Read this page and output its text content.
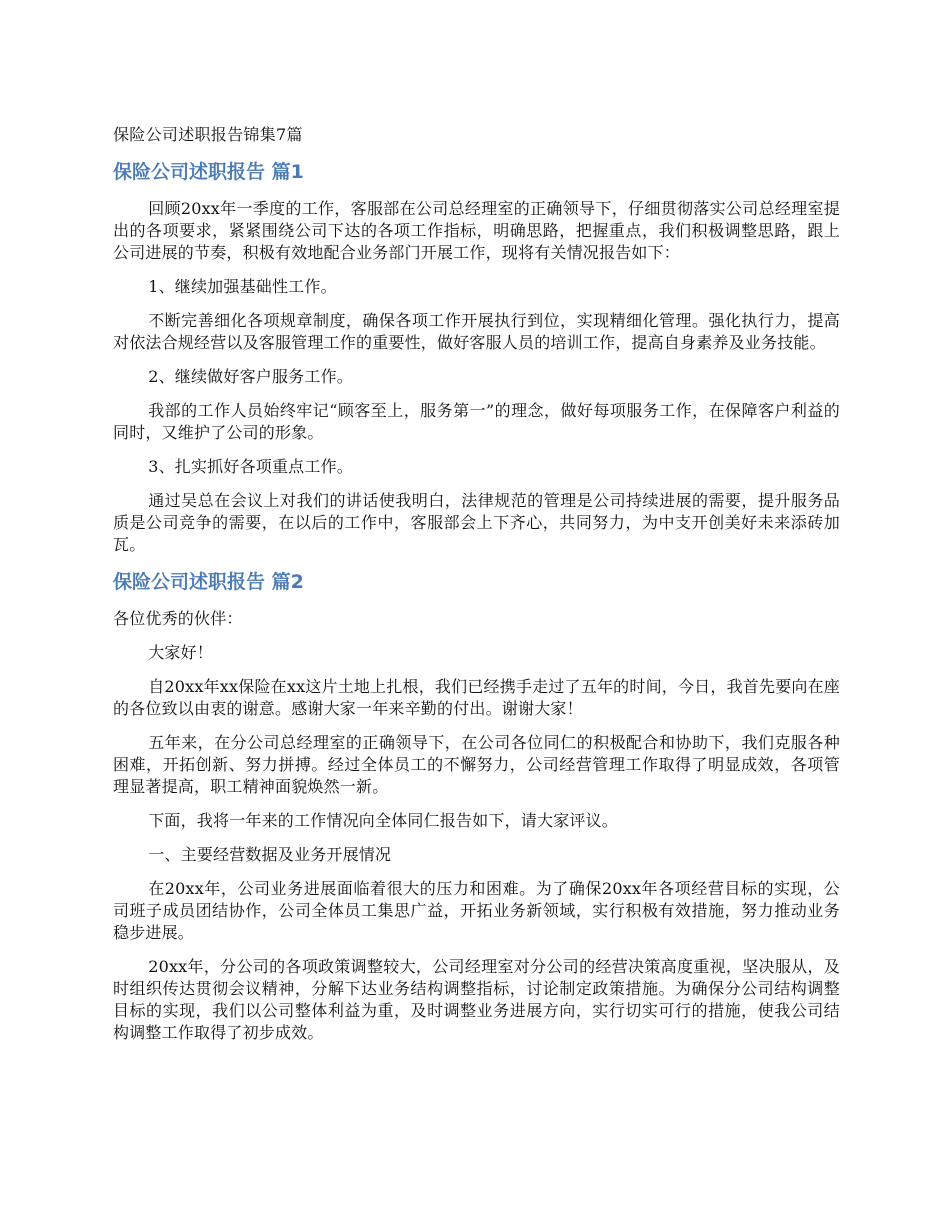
保险公司述职报告锦集7篇
保险公司述职报告 篇1

回顾20xx年一季度的工作，客服部在公司总经理室的正确领导下，仔细贯彻落实公司总经理室提出的各项要求，紧紧围绕公司下达的各项工作指标，明确思路，把握重点，我们积极调整思路，跟上公司进展的节奏，积极有效地配合业务部门开展工作，现将有关情况报告如下：

1、继续加强基础性工作。

不断完善细化各项规章制度，确保各项工作开展执行到位，实现精细化管理。强化执行力，提高对依法合规经营以及客服管理工作的重要性，做好客服人员的培训工作，提高自身素养及业务技能。

2、继续做好客户服务工作。

我部的工作人员始终牢记“顾客至上，服务第一”的理念，做好每项服务工作，在保障客户利益的同时，又维护了公司的形象。

3、扎实抓好各项重点工作。

通过吴总在会议上对我们的讲话使我明白，法律规范的管理是公司持续进展的需要，提升服务品质是公司竞争的需要，在以后的工作中，客服部会上下齐心，共同努力，为中支开创美好未来添砖加瓦。

保险公司述职报告 篇2

各位优秀的伙伴：

大家好！

自20xx年xx保险在xx这片土地上扎根，我们已经携手走过了五年的时间，今日，我首先要向在座的各位致以由衷的谢意。感谢大家一年来辛勤的付出。谢谢大家！

五年来，在分公司总经理室的正确领导下，在公司各位同仁的积极配合和协助下，我们克服各种困难，开拓创新、努力拼搏。经过全体员工的不懈努力，公司经营管理工作取得了明显成效，各项管理显著提高，职工精神面貌焕然一新。

下面，我将一年来的工作情况向全体同仁报告如下，请大家评议。

一、主要经营数据及业务开展情况

在20xx年，公司业务进展面临着很大的压力和困难。为了确保20xx年各项经营目标的实现，公司班子成员团结协作，公司全体员工集思广益，开拓业务新领域，实行积极有效措施，努力推动业务稳步进展。

20xx年，分公司的各项政策调整较大，公司经理室对分公司的经营决策高度重视，坚决服从，及时组织传达贯彻会议精神，分解下达业务结构调整指标，讨论制定政策措施。为确保分公司结构调整目标的实现，我们以公司整体利益为重，及时调整业务进展方向，实行切实可行的措施，使我公司结构调整工作取得了初步成效。
